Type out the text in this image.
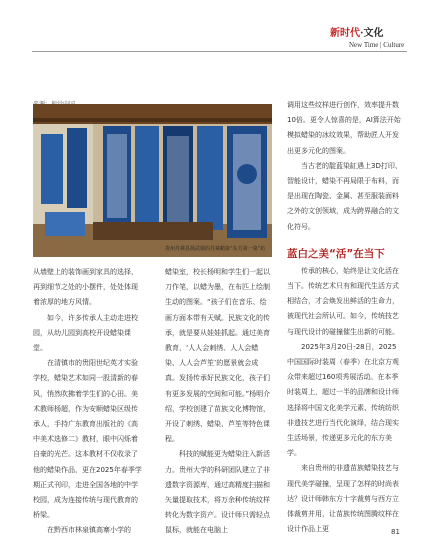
新时代·文化
New Time | Culture
贵州丹寨县扬武镇的丹寨蜡染“东方第一染”坊

从墙壁上的装饰画到家具的选择，再到细节之处的小摆件，处处体现着浓厚的地方风情。

如今，许多传承人主动走进校园，从幼儿园到高校开设蜡染课堂。

在清镇市的贵阳世纪英才实验学校，蜡染艺术如同一股清新的春风，悄然吹拂着学生们的心田。美术教师杨超，作为安顺蜡染区级传承人，手持广东教育出版社的《高中美术选修二》教材，眼中闪烁着自豪的光芒。这本教材不仅收录了他的蜡染作品，更在2025年春季学期正式刊印，走进全国各地的中学校园，成为连接传统与现代教育的桥梁。

在黔西市林泉镇高寨小学的

蜡染室，校长杨明和学生们一起以刀作笔，以蜡为墨，在布匹上绘制生动的图案。“孩子们在音乐、绘画方面本带有天赋。民族文化的传承，就是要从娃娃抓起。通过美育教育，‘人人会刺绣、人人会蜡染、人人会芦笙’的愿景就会成真。发扬传承好民族文化，孩子们有更多发展的空间和可能。”杨明介绍，学校创建了苗族文化博物馆，开设了刺绣、蜡染、芦笙等特色课程。

科技的赋能更为蜡染注入新活力。贵州大学的科研团队建立了非遗数字资源库，通过高精度扫描和矢量提取技术，将万余种传统纹样转化为数字资产。设计师只需轻点鼠标，就能在电脑上

调用这些纹样进行创作，效率提升数10倍。更令人惊喜的是，AI算法开始模拟蜡染的冰纹效果，帮助匠人开发出更多元化的图案。

当古老的靛蓝染缸遇上3D打印、智能设计，蜡染不再局限于布料，而是出现在陶瓷、金属、甚至服装面料之外的文创领域，成为跨界融合的文化符号。

蓝白之美“活”在当下

传承的核心，始终是让文化活在当下。传统艺术只有和现代生活方式相结合，才会焕发出鲜活的生命力，被现代社会所认可。如今，传统技艺与现代设计的碰撞催生出新的可能。

2025年3月20日-28日，2025中国国际时装周（春季）在北京方观众带来超过160项秀展活动。在本季时装周上，超过一半的品牌和设计师选择将中国文化美学元素、传统纺织非遗技艺进行当代化演绎，结合现实生活场景，传递更多元化的东方美学。

来自贵州的非遗苗族蜡染技艺与现代美学碰撞，呈现了怎样的时尚表达？设计师韩东方十字裁剪与西方立体裁剪并用，让苗族传统图腾纹样在设计作品上更	81
